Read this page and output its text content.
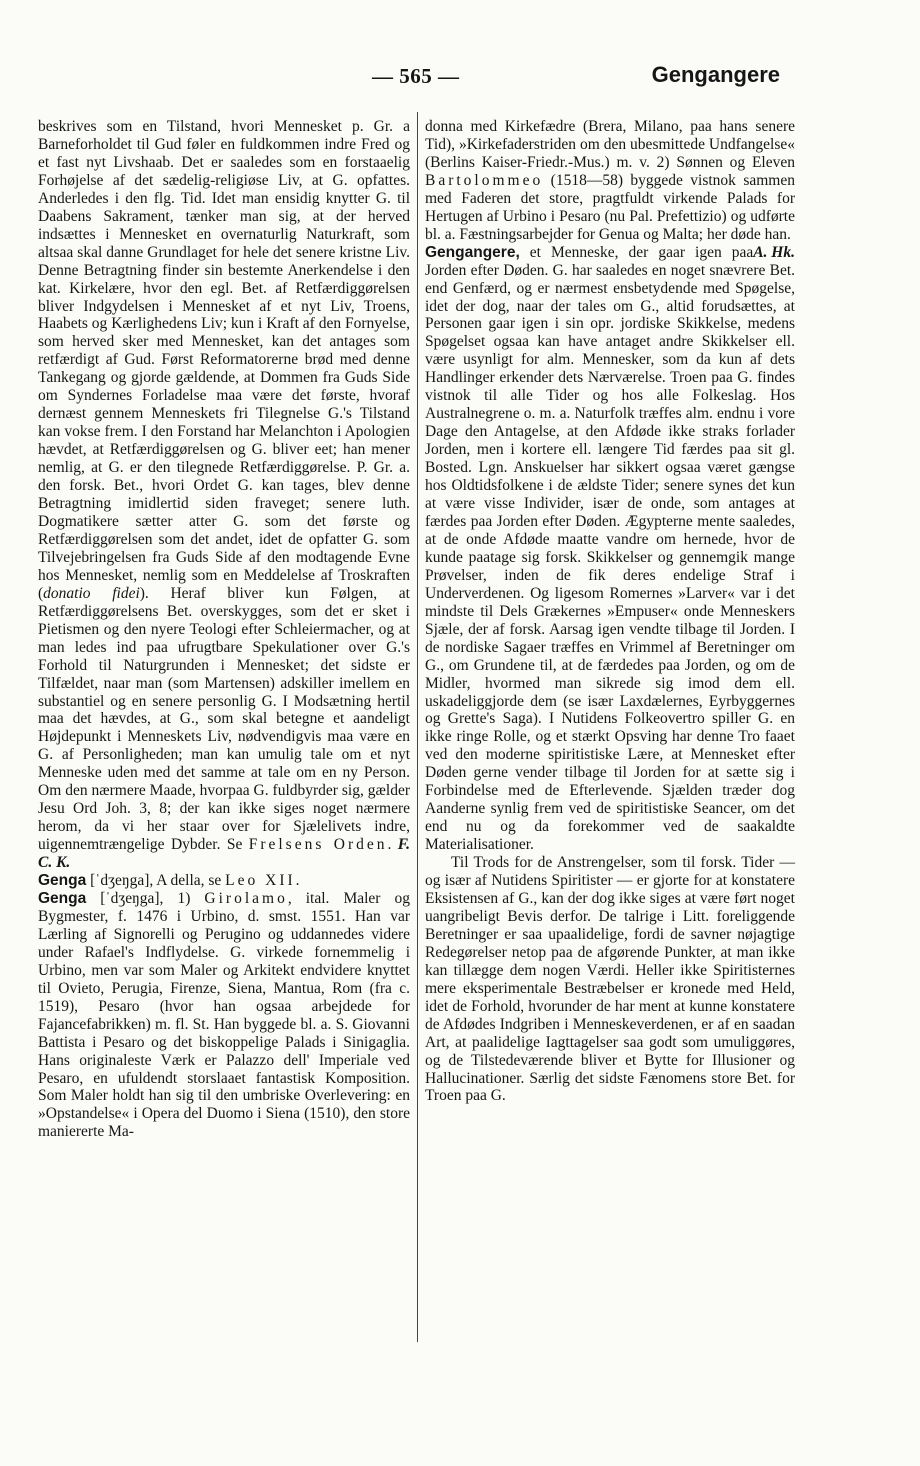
— 565 —	Gengangere

beskrives som en Tilstand, hvori Mennesket p. Gr. a Barneforholdet til Gud føler en fuldkommen indre Fred og et fast nyt Livshaab. Det er saaledes som en forstaaelig Forhøjelse af det sædelig-religiøse Liv, at G. opfattes. Anderledes i den flg. Tid. Idet man ensidig knytter G. til Daabens Sakrament, tænker man sig, at der herved indsættes i Mennesket en overnaturlig Naturkraft, som altsaa skal danne Grundlaget for hele det senere kristne Liv. Denne Betragtning finder sin bestemte Anerkendelse i den kat. Kirkelære, hvor den egl. Bet. af Retfærdiggørelsen bliver Indgydelsen i Mennesket af et nyt Liv, Troens, Haabets og Kærlighedens Liv; kun i Kraft af den Fornyelse, som herved sker med Mennesket, kan det antages som retfærdigt af Gud. Først Reformatorerne brød med denne Tankegang og gjorde gældende, at Dommen fra Guds Side om Syndernes Forladelse maa være det første, hvoraf dernæst gennem Menneskets fri Tilegnelse G.'s Tilstand kan vokse frem. I den Forstand har Melanchton i Apologien hævdet, at Retfærdiggørelsen og G. bliver eet; han mener nemlig, at G. er den tilegnede Retfærdiggørelse. P. Gr. a. den forsk. Bet., hvori Ordet G. kan tages, blev denne Betragtning imidlertid siden fraveget; senere luth. Dogmatikere sætter atter G. som det første og Retfærdiggørelsen som det andet, idet de opfatter G. som Tilvejebringelsen fra Guds Side af den modtagende Evne hos Mennesket, nemlig som en Meddelelse af Troskraften (donatio fidei). Heraf bliver kun Følgen, at Retfærdiggørelsens Bet. overskygges, som det er sket i Pietismen og den nyere Teologi efter Schleiermacher, og at man ledes ind paa ufrugtbare Spekulationer over G.'s Forhold til Naturgrunden i Mennesket; det sidste er Tilfældet, naar man (som Martensen) adskiller imellem en substantiel og en senere personlig G. I Modsætning hertil maa det hævdes, at G., som skal betegne et aandeligt Højdepunkt i Menneskets Liv, nødvendigvis maa være en G. af Personligheden; man kan umulig tale om et nyt Menneske uden med det samme at tale om en ny Person. Om den nærmere Maade, hvorpaa G. fuldbyrder sig, gælder Jesu Ord Joh. 3, 8; der kan ikke siges noget nærmere herom, da vi her staar over for Sjælelivets indre, uigennemtrængelige Dybder. Se Frelsens Orden. F. C. K.

Genga [ˈdʒeŋga], A della, se Leo XII.

Genga [ˈdʒeŋga], 1) Girolamo, ital. Maler og Bygmester, f. 1476 i Urbino, d. smst. 1551. Han var Lærling af Signorelli og Perugino og uddannedes videre under Rafael's Indflydelse. G. virkede fornemmelig i Urbino, men var som Maler og Arkitekt endvidere knyttet til Ovieto, Perugia, Firenze, Siena, Mantua, Rom (fra c. 1519), Pesaro (hvor han ogsaa arbejdede for Fajancefabrikken) m. fl. St. Han byggede bl. a. S. Giovanni Battista i Pesaro og det biskoppelige Palads i Sinigaglia. Hans originaleste Værk er Palazzo dell' Imperiale ved Pesaro, en ufuldendt storslaaet fantastisk Komposition. Som Maler holdt han sig til den umbriske Overlevering: en »Opstandelse« i Opera del Duomo i Siena (1510), den store maniererte Ma-

donna med Kirkefædre (Brera, Milano, paa hans senere Tid), »Kirkefaderstriden om den ubesmittede Undfangelse« (Berlins Kaiser-Friedr.-Mus.) m. v. 2) Sønnen og Eleven Bartolommeo (1518—58) byggede vistnok sammen med Faderen det store, pragtfuldt virkende Palads for Hertugen af Urbino i Pesaro (nu Pal. Prefettizio) og udførte bl. a. Fæstningsarbejder for Genua og Malta; her døde han.
A. Hk.

Gengangere, et Menneske, der gaar igen paa Jorden efter Døden. G. har saaledes en noget snævrere Bet. end Genfærd, og er nærmest ensbetydende med Spøgelse, idet der dog, naar der tales om G., altid forudsættes, at Personen gaar igen i sin opr. jordiske Skikkelse, medens Spøgelset ogsaa kan have antaget andre Skikkelser ell. være usynligt for alm. Mennesker, som da kun af dets Handlinger erkender dets Nærværelse. Troen paa G. findes vistnok til alle Tider og hos alle Folkeslag. Hos Australnegrene o. m. a. Naturfolk træffes alm. endnu i vore Dage den Antagelse, at den Afdøde ikke straks forlader Jorden, men i kortere ell. længere Tid færdes paa sit gl. Bosted. Lgn. Anskuelser har sikkert ogsaa været gængse hos Oldtidsfolkene i de ældste Tider; senere synes det kun at være visse Individer, især de onde, som antages at færdes paa Jorden efter Døden. Ægypterne mente saaledes, at de onde Afdøde maatte vandre om hernede, hvor de kunde paatage sig forsk. Skikkelser og gennemgik mange Prøvelser, inden de fik deres endelige Straf i Underverdenen. Og ligesom Romernes »Larver« var i det mindste til Dels Grækernes »Empuser« onde Menneskers Sjæle, der af forsk. Aarsag igen vendte tilbage til Jorden. I de nordiske Sagaer træffes en Vrimmel af Beretninger om G., om Grundene til, at de færdedes paa Jorden, og om de Midler, hvormed man sikrede sig imod dem ell. uskadeliggjorde dem (se især Laxdælernes, Eyrbyggernes og Grette's Saga). I Nutidens Folkeovertro spiller G. en ikke ringe Rolle, og et stærkt Opsving har denne Tro faaet ved den moderne spiritistiske Lære, at Mennesket efter Døden gerne vender tilbage til Jorden for at sætte sig i Forbindelse med de Efterlevende. Sjælden træder dog Aanderne synlig frem ved de spiritistiske Seancer, om det end nu og da forekommer ved de saakaldte Materialisationer.

Til Trods for de Anstrengelser, som til forsk. Tider — og især af Nutidens Spiritister — er gjorte for at konstatere Eksistensen af G., kan der dog ikke siges at være ført noget uangribeligt Bevis derfor. De talrige i Litt. foreliggende Beretninger er saa upaalidelige, fordi de savner nøjagtige Redegørelser netop paa de afgørende Punkter, at man ikke kan tillægge dem nogen Værdi. Heller ikke Spiritisternes mere eksperimentale Bestræbelser er kronede med Held, idet de Forhold, hvorunder de har ment at kunne konstatere de Afdødes Indgriben i Menneskeverdenen, er af en saadan Art, at paalidelige Iagttagelser saa godt som umuliggøres, og de Tilstedeværende bliver et Bytte for Illusioner og Hallucinationer. Særlig det sidste Fænomens store Bet. for Troen paa G.
